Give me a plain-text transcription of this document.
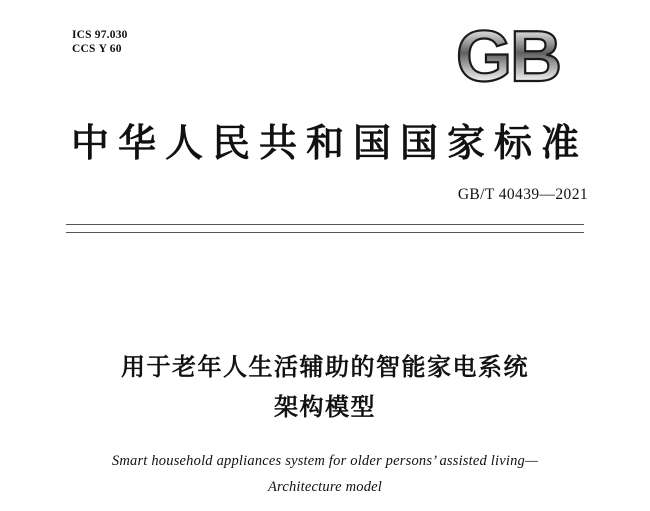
ICS 97.030
CCS Y 60	GB
中华人民共和国国家标准
GB/T 40439—2021
用于老年人生活辅助的智能家电系统
架构模型
Smart household appliances system for older persons’ assisted living—
Architecture model
